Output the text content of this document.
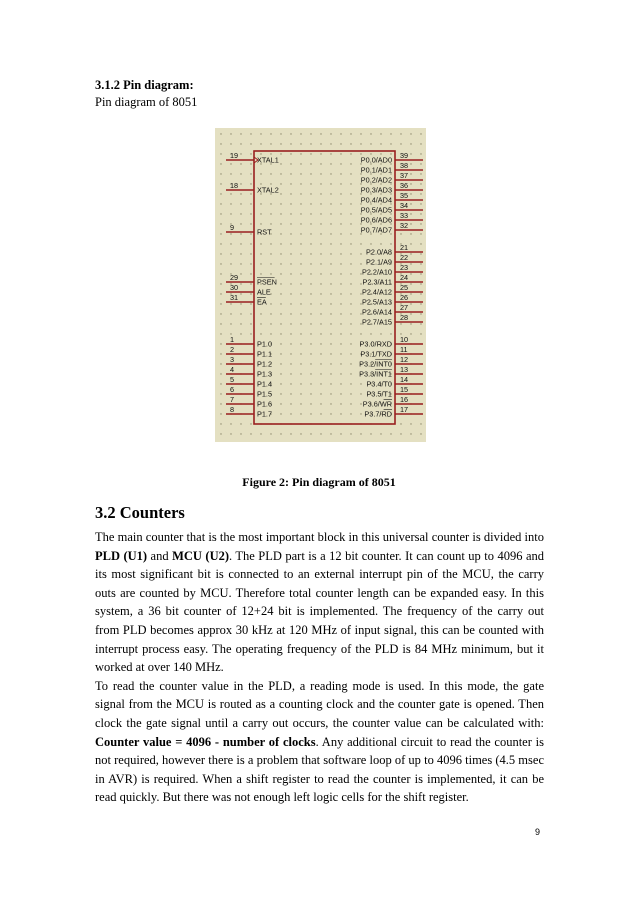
3.1.2 Pin diagram:

Pin diagram of 8051

19	XTAL1
18	XTAL2
9	RST
29	PSEN
30	ALE
31	EA
1	P1.0
2	P1.1
3	P1.2
4	P1.3
5	P1.4
6	P1.5
7	P1.6
8	P1.7
39
P0.0/AD0
38
P0.1/AD1
37
P0.2/AD2
36
P0.3/AD3
35
P0.4/AD4
34
P0.5/AD5
33
P0.6/AD6
32
P0.7/AD7
21
P2.0/A8
22
P2.1/A9
23
P2.2/A10
24
P2.3/A11
25
P2.4/A12
26
P2.5/A13
27
P2.6/A14
28
P2.7/A15
10
P3.0/RXD
11
P3.1/TXD
12
P3.2/INT0
13
P3.3/INT1
14
P3.4/T0
15
P3.5/T1
16
P3.6/WR
17
P3.7/RD

Figure 2: Pin diagram of 8051

3.2 Counters

The main counter that is the most important block in this universal counter is divided into PLD (U1) and MCU (U2). The PLD part is a 12 bit counter. It can count up to 4096 and its most significant bit is connected to an external interrupt pin of the MCU, the carry outs are counted by MCU. Therefore total counter length can be expanded easy. In this system, a 36 bit counter of 12+24 bit is implemented. The frequency of the carry out from PLD becomes approx 30 kHz at 120 MHz of input signal, this can be counted with interrupt process easy. The operating frequency of the PLD is 84 MHz minimum, but it worked at over 140 MHz.

To read the counter value in the PLD, a reading mode is used. In this mode, the gate signal from the MCU is routed as a counting clock and the counter gate is opened. Then clock the gate signal until a carry out occurs, the counter value can be calculated with: Counter value = 4096 - number of clocks. Any additional circuit to read the counter is not required, however there is a problem that software loop of up to 4096 times (4.5 msec in AVR) is required. When a shift register to read the counter is implemented, it can be read quickly. But there was not enough left logic cells for the shift register.

9
